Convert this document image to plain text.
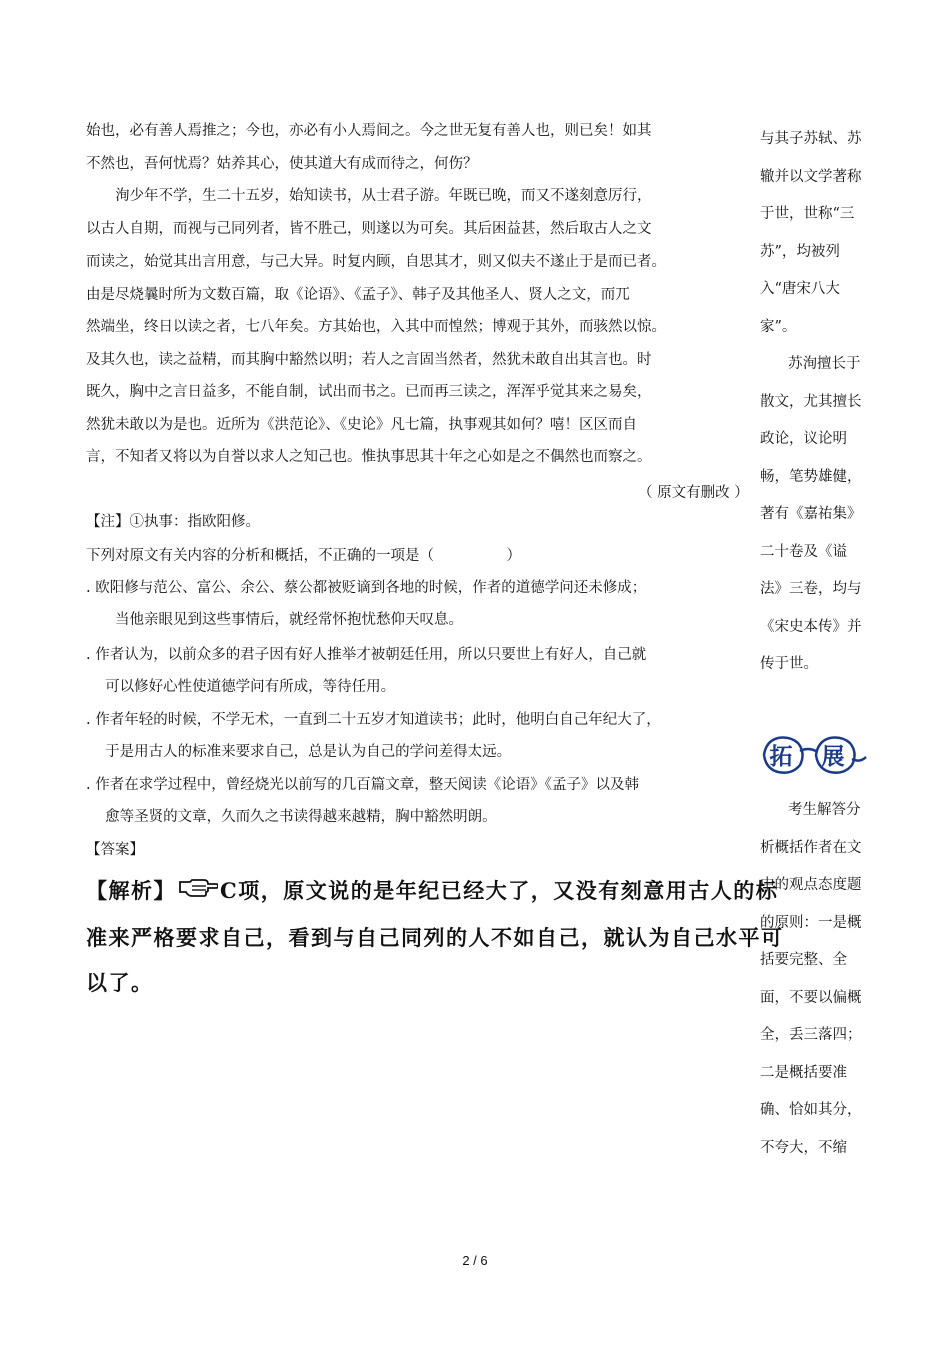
始也，必有善人焉推之；今也，亦必有小人焉间之。今之世无复有善人也，则已矣！如其
不然也，吾何忧焉？姑养其心，使其道大有成而待之，何伤？
　　洵少年不学，生二十五岁，始知读书，从士君子游。年既已晚，而又不遂刻意厉行，
以古人自期，而视与己同列者，皆不胜己，则遂以为可矣。其后困益甚，然后取古人之文
而读之，始觉其出言用意，与己大异。时复内顾，自思其才，则又似夫不遂止于是而已者。
由是尽烧曩时所为文数百篇，取《论语》、《孟子》、韩子及其他圣人、贤人之文，而兀
然端坐，终日以读之者，七八年矣。方其始也，入其中而惶然；博观于其外，而骇然以惊。
及其久也，读之益精，而其胸中豁然以明；若人之言固当然者，然犹未敢自出其言也。时
既久，胸中之言日益多，不能自制，试出而书之。已而再三读之，浑浑乎觉其来之易矣，
然犹未敢以为是也。近所为《洪范论》、《史论》凡七篇，执事观其如何？嘻！区区而自
言，不知者又将以为自誉以求人之知己也。惟执事思其十年之心如是之不偶然也而察之。
（ 原文有删改 ）
【注】①执事：指欧阳修。
下列对原文有关内容的分析和概括，不正确的一项是（　　　　　）
. 欧阳修与范公、富公、余公、蔡公都被贬谪到各地的时候，作者的道德学问还未修成；
　　当他亲眼见到这些事情后，就经常怀抱忧愁仰天叹息。
. 作者认为，以前众多的君子因有好人推举才被朝廷任用，所以只要世上有好人，自己就
　 可以修好心性使道德学问有所成，等待任用。
. 作者年轻的时候，不学无术，一直到二十五岁才知道读书；此时，他明白自己年纪大了，
　 于是用古人的标准来要求自己，总是认为自己的学问差得太远。
. 作者在求学过程中，曾经烧光以前写的几百篇文章，整天阅读《论语》《孟子》以及韩
　 愈等圣贤的文章，久而久之书读得越来越精，胸中豁然明朗。
【答案】
【解析】 C项，原文说的是年纪已经大了，又没有刻意用古人的标准来严格要求自己，看到与自己同列的人不如自己，就认为自己水平可以了。

与其子苏轼、苏辙并以文学著称于世，世称“三苏”，均被列入“唐宋八大家”。

苏洵擅长于散文，尤其擅长政论，议论明畅，笔势雄健，著有《嘉祐集》二十卷及《谥法》三卷，均与《宋史本传》并传于世。

拓 展

考生解答分析概括作者在文中的观点态度题的原则：一是概括要完整、全面，不要以偏概全，丢三落四；二是概括要准确、恰如其分，不夸大，不缩

2 / 6
